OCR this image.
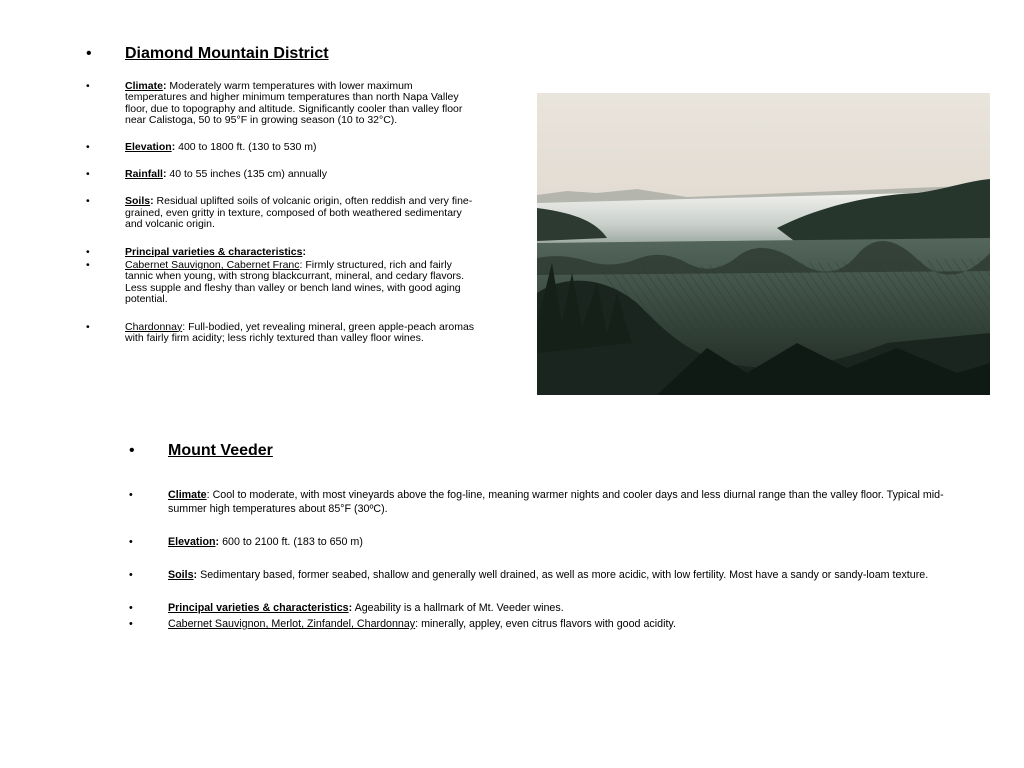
• Diamond Mountain District
•	Climate: Moderately warm temperatures with lower maximum temperatures and higher minimum temperatures than north Napa Valley floor, due to topography and altitude. Significantly cooler than valley floor near Calistoga, 50 to 95°F in growing season (10 to 32°C).
•	Elevation: 400 to 1800 ft. (130 to 530 m)
•	Rainfall: 40 to 55 inches (135 cm) annually
•	Soils: Residual uplifted soils of volcanic origin, often reddish and very fine-grained, even gritty in texture, composed of both weathered sedimentary and volcanic origin.
•	Principal varieties & characteristics:
•	Cabernet Sauvignon, Cabernet Franc: Firmly structured, rich and fairly tannic when young, with strong blackcurrant, mineral, and cedary flavors. Less supple and fleshy than valley or bench land wines, with good aging potential.
•	Chardonnay: Full-bodied, yet revealing mineral, green apple-peach aromas with fairly firm acidity; less richly textured than valley floor wines.
• Mount Veeder
•	Climate: Cool to moderate, with most vineyards above the fog-line, meaning warmer nights and cooler days and less diurnal range than the valley floor. Typical mid-summer high temperatures about 85°F (30ºC).
•	Elevation: 600 to 2100 ft. (183 to 650 m)
•	Soils: Sedimentary based, former seabed, shallow and generally well drained, as well as more acidic, with low fertility. Most have a sandy or sandy-loam texture.
•	Principal varieties & characteristics: Ageability is a hallmark of Mt. Veeder wines.
•	Cabernet Sauvignon, Merlot, Zinfandel, Chardonnay: minerally, appley, even citrus flavors with good acidity.
